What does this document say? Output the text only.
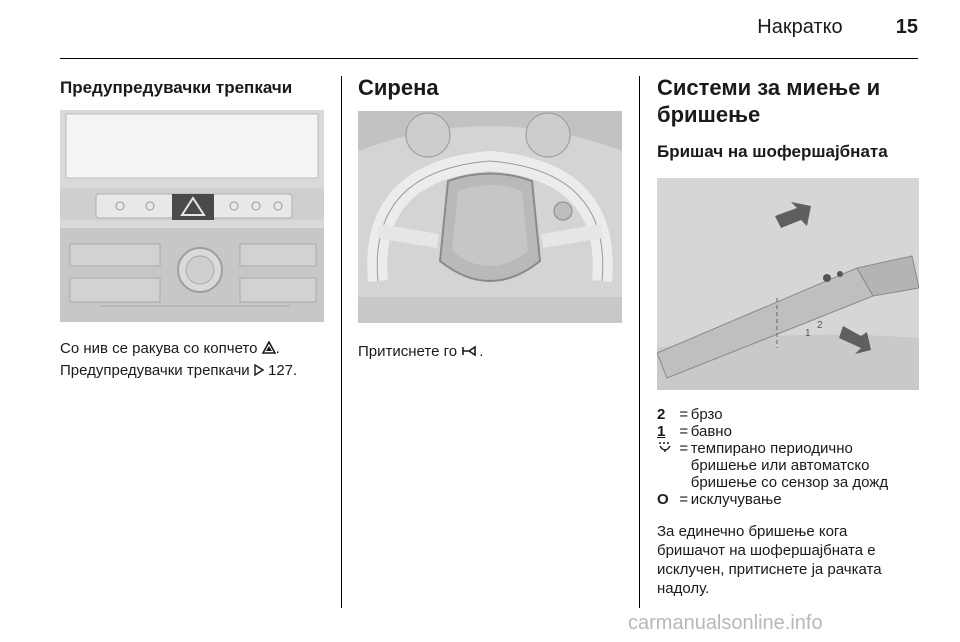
Накратко	15
Предупредувачки трепкачи
Со нив се ракува со копчето .
Предупредувачки трепкачи 127.
Сирена
Притиснете го .
Системи за миење и бришење
Бришач на шофершајбната
1
2
2 = брзо
1 = бавно
= темпирано периодично бришење или автоматско бришење со сензор за дожд
O = исклучување
За единечно бришење кога бришачот на шофершајбната е исклучен, притиснете ја рачката надолу.
carmanualsonline.info
